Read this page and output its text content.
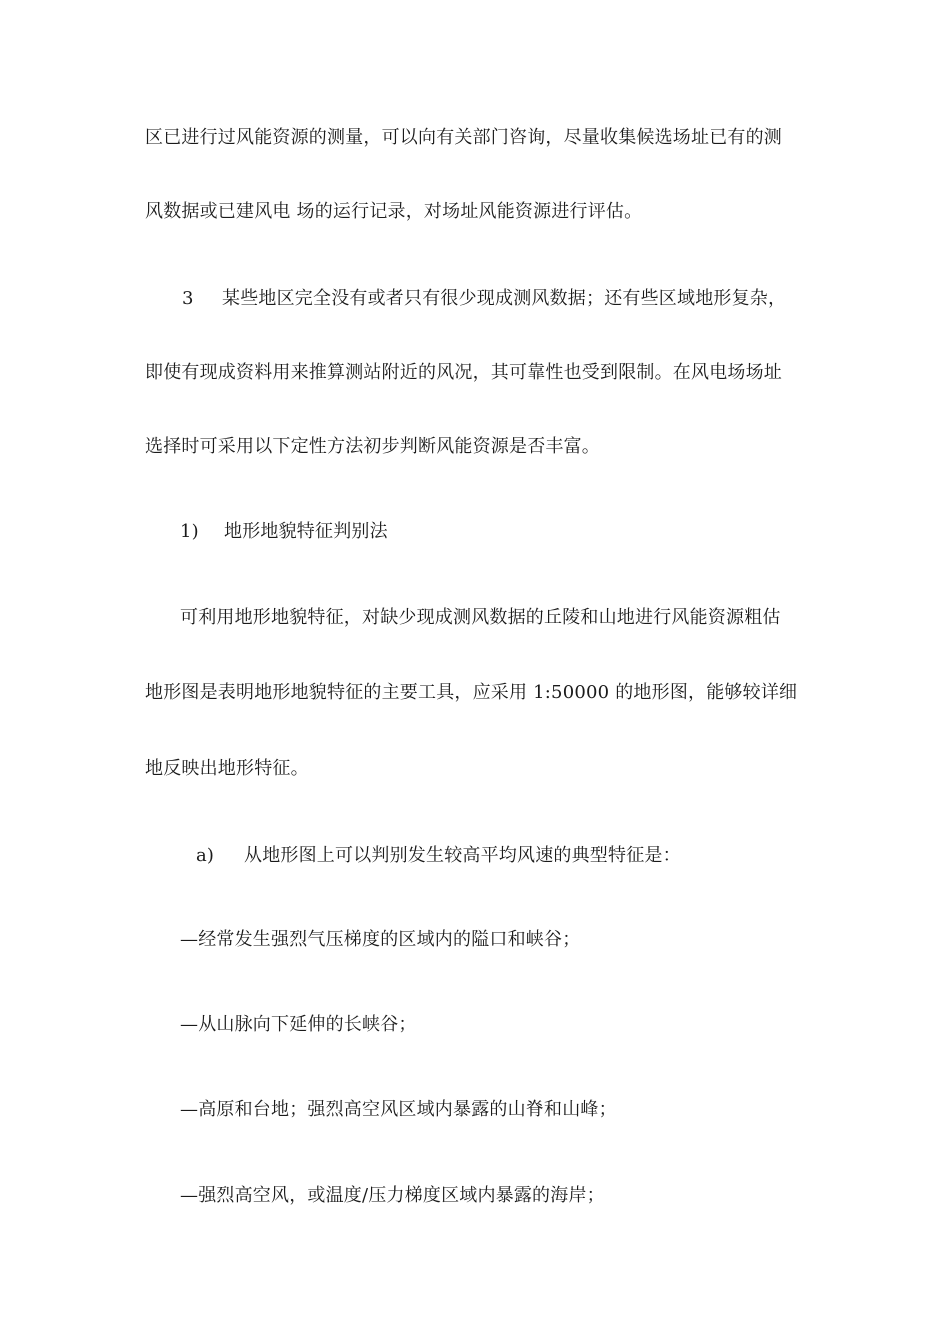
区已进行过风能资源的测量，可以向有关部门咨询，尽量收集候选场址已有的测
风数据或已建风电 场的运行记录，对场址风能资源进行评估。
3 某些地区完全没有或者只有很少现成测风数据；还有些区域地形复杂，
即使有现成资料用来推算测站附近的风况，其可靠性也受到限制。在风电场场址
选择时可采用以下定性方法初步判断风能资源是否丰富。
1) 地形地貌特征判别法
可利用地形地貌特征，对缺少现成测风数据的丘陵和山地进行风能资源粗估
地形图是表明地形地貌特征的主要工具，应采用 1:50000 的地形图，能够较详细
地反映出地形特征。
a) 从地形图上可以判别发生较高平均风速的典型特征是：
—经常发生强烈气压梯度的区域内的隘口和峡谷；
—从山脉向下延伸的长峡谷；
—高原和台地；强烈高空风区域内暴露的山脊和山峰；
—强烈高空风，或温度/压力梯度区域内暴露的海岸；
